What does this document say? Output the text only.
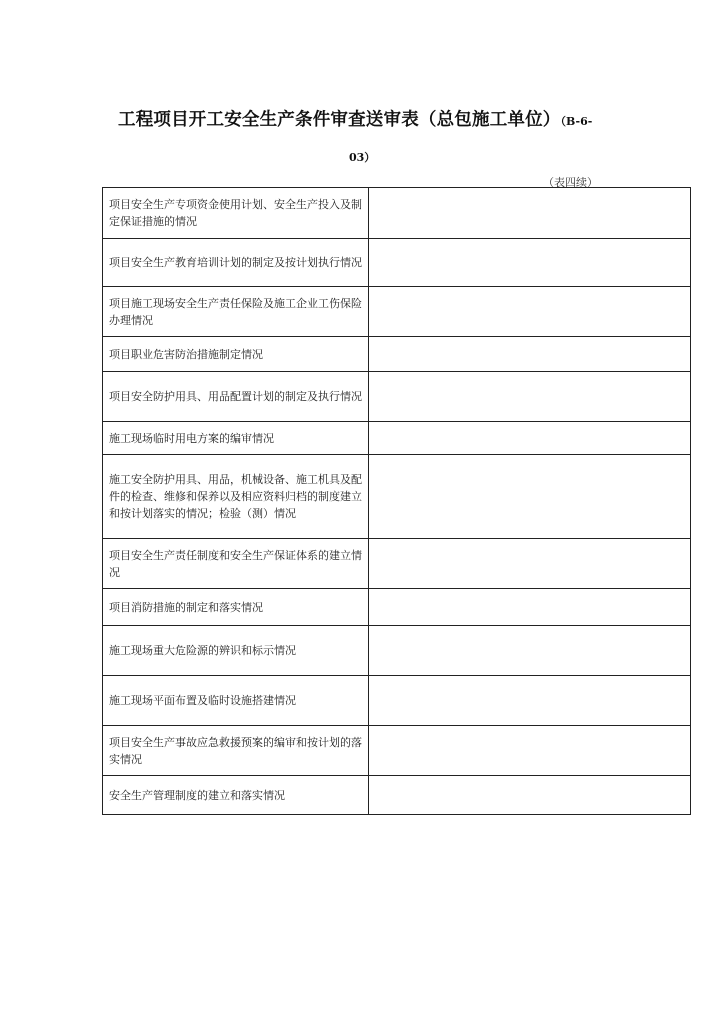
工程项目开工安全生产条件审查送审表（总包施工单位）（B-6-
03）
（表四续）
项目安全生产专项资金使用计划、安全生产投入及制定保证措施的情况	
项目安全生产教育培训计划的制定及按计划执行情况	
项目施工现场安全生产责任保险及施工企业工伤保险办理情况	
项目职业危害防治措施制定情况	
项目安全防护用具、用品配置计划的制定及执行情况	
施工现场临时用电方案的编审情况	
施工安全防护用具、用品，机械设备、施工机具及配件的检查、维修和保养以及相应资料归档的制度建立和按计划落实的情况；检验（测）情况	
项目安全生产责任制度和安全生产保证体系的建立情况	
项目消防措施的制定和落实情况	
施工现场重大危险源的辨识和标示情况	
施工现场平面布置及临时设施搭建情况	
项目安全生产事故应急救援预案的编审和按计划的落实情况	
安全生产管理制度的建立和落实情况	
